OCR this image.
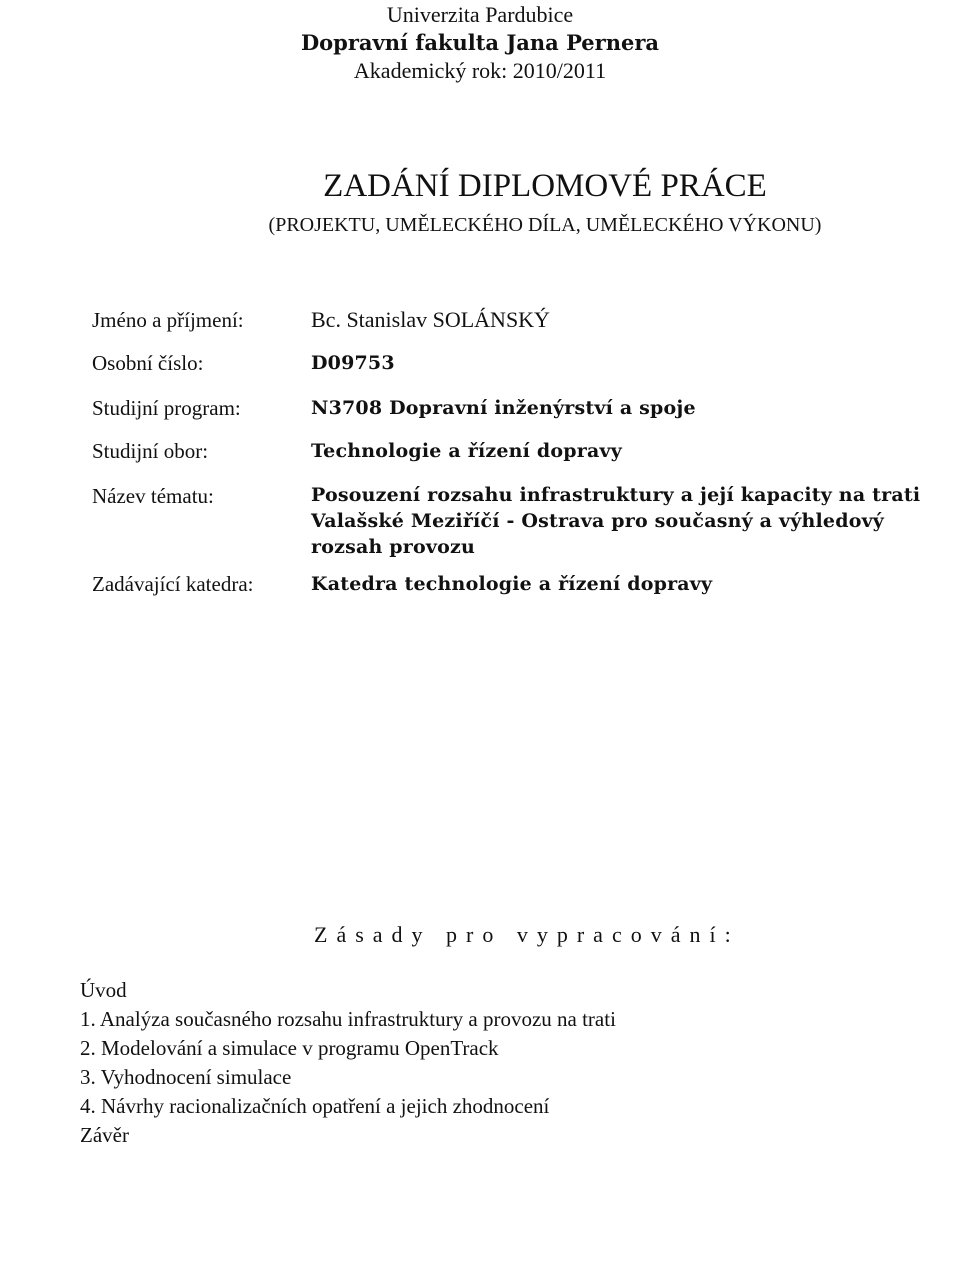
Univerzita Pardubice
Dopravní fakulta Jana Pernera
Akademický rok: 2010/2011
ZADÁNÍ DIPLOMOVÉ PRÁCE
(PROJEKTU, UMĚLECKÉHO DÍLA, UMĚLECKÉHO VÝKONU)
Jméno a příjmení:	Bc. Stanislav SOLÁNSKÝ
Osobní číslo:	D09753
Studijní program:	N3708 Dopravní inženýrství a spoje
Studijní obor:	Technologie a řízení dopravy
Název tématu:	Posouzení rozsahu infrastruktury a její kapacity na trati Valašské Meziříčí - Ostrava pro současný a výhledový rozsah provozu
Zadávající katedra:	Katedra technologie a řízení dopravy
Zásady pro vypracování:
Úvod
1. Analýza současného rozsahu infrastruktury a provozu na trati
2. Modelování a simulace v programu OpenTrack
3. Vyhodnocení simulace
4. Návrhy racionalizačních opatření a jejich zhodnocení
Závěr
